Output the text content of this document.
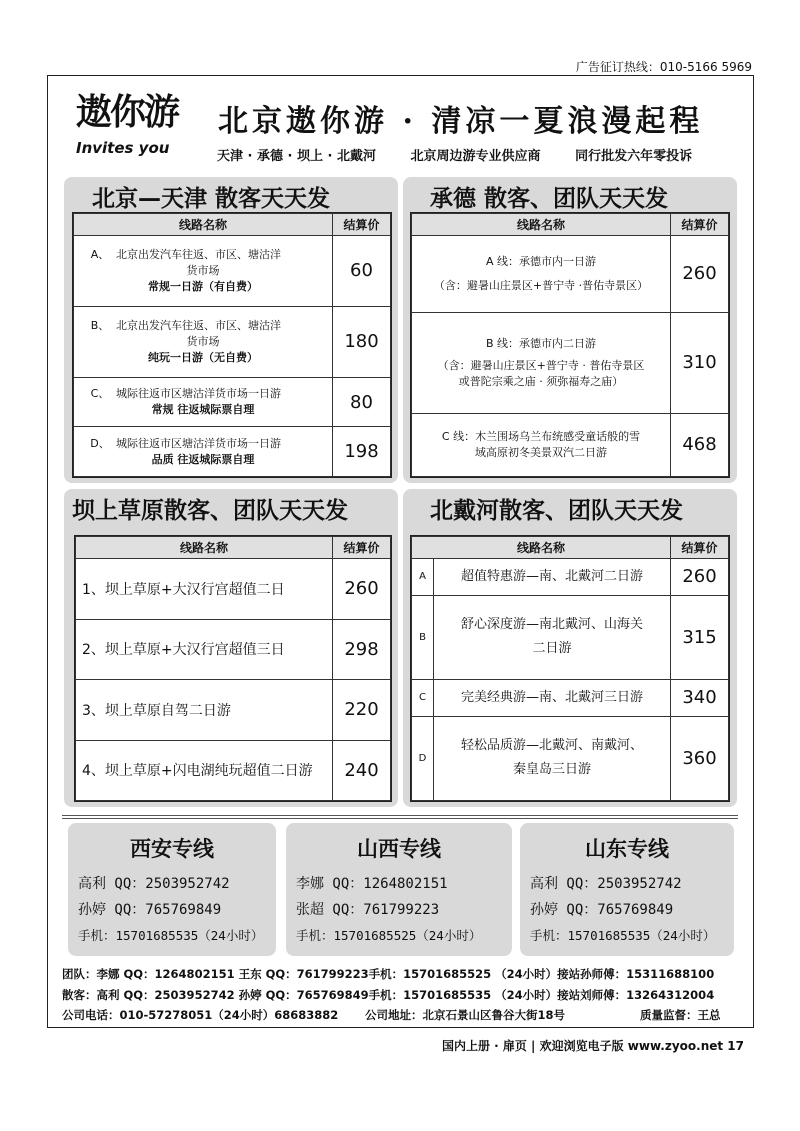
广告征订热线：010-5166 5969
遨你游
Invites you
北京遨你游 · 清凉一夏浪漫起程
天津 · 承德 · 坝上 · 北戴河	北京周边游专业供应商	同行批发六年零投诉
北京—天津 散客天天发
线路名称	结算价

A、 北京出发汽车往返、市区、塘沽洋
货市场
常规一日游（有自费）	60

B、 北京出发汽车往返、市区、塘沽洋
货市场
纯玩一日游（无自费）	180

C、 城际往返市区塘沽洋货市场一日游
常规 往返城际票自理	80

D、 城际往返市区塘沽洋货市场一日游
品质 往返城际票自理	198
承德 散客、团队天天发
线路名称	结算价

A 线：承德市内一日游
（含：避暑山庄景区+普宁寺 ·普佑寺景区）	260

B 线：承德市内二日游
（含：避暑山庄景区+普宁寺 · 普佑寺景区
或普陀宗乘之庙 · 须弥福寿之庙）	310

C 线：木兰围场乌兰布统感受童话般的雪
域高原初冬美景双汽二日游	468
坝上草原散客、团队天天发
线路名称	结算价
1、坝上草原+大汉行宫超值二日	260
2、坝上草原+大汉行宫超值三日	298
3、坝上草原自驾二日游	220
4、坝上草原+闪电湖纯玩超值二日游	240
北戴河散客、团队天天发
线路名称		结算价
A	超值特惠游—南、北戴河二日游	260
B	舒心深度游—南北戴河、山海关
二日游	315
C	完美经典游—南、北戴河三日游	340
D	轻松品质游—北戴河、南戴河、
秦皇岛三日游	360
西安专线
高利 QQ：2503952742
孙婷 QQ：765769849
手机：15701685535（24小时）
山西专线
李娜 QQ：1264802151
张超 QQ：761799223
手机：15701685525（24小时）
山东专线
高利 QQ：2503952742
孙婷 QQ：765769849
手机：15701685535（24小时）
团队：李娜 QQ：1264802151 王东 QQ：761799223手机：15701685525 （24小时）接站孙师傅：15311688100
散客：高利 QQ：2503952742 孙婷 QQ：765769849手机：15701685535 （24小时）接站刘师傅：13264312004
公司电话：010-57278051（24小时）68683882 公司地址：北京石景山区鲁谷大街18号	质量监督：王总
国内上册 · 扉页 | 欢迎浏览电子版 www.zyoo.net 17
